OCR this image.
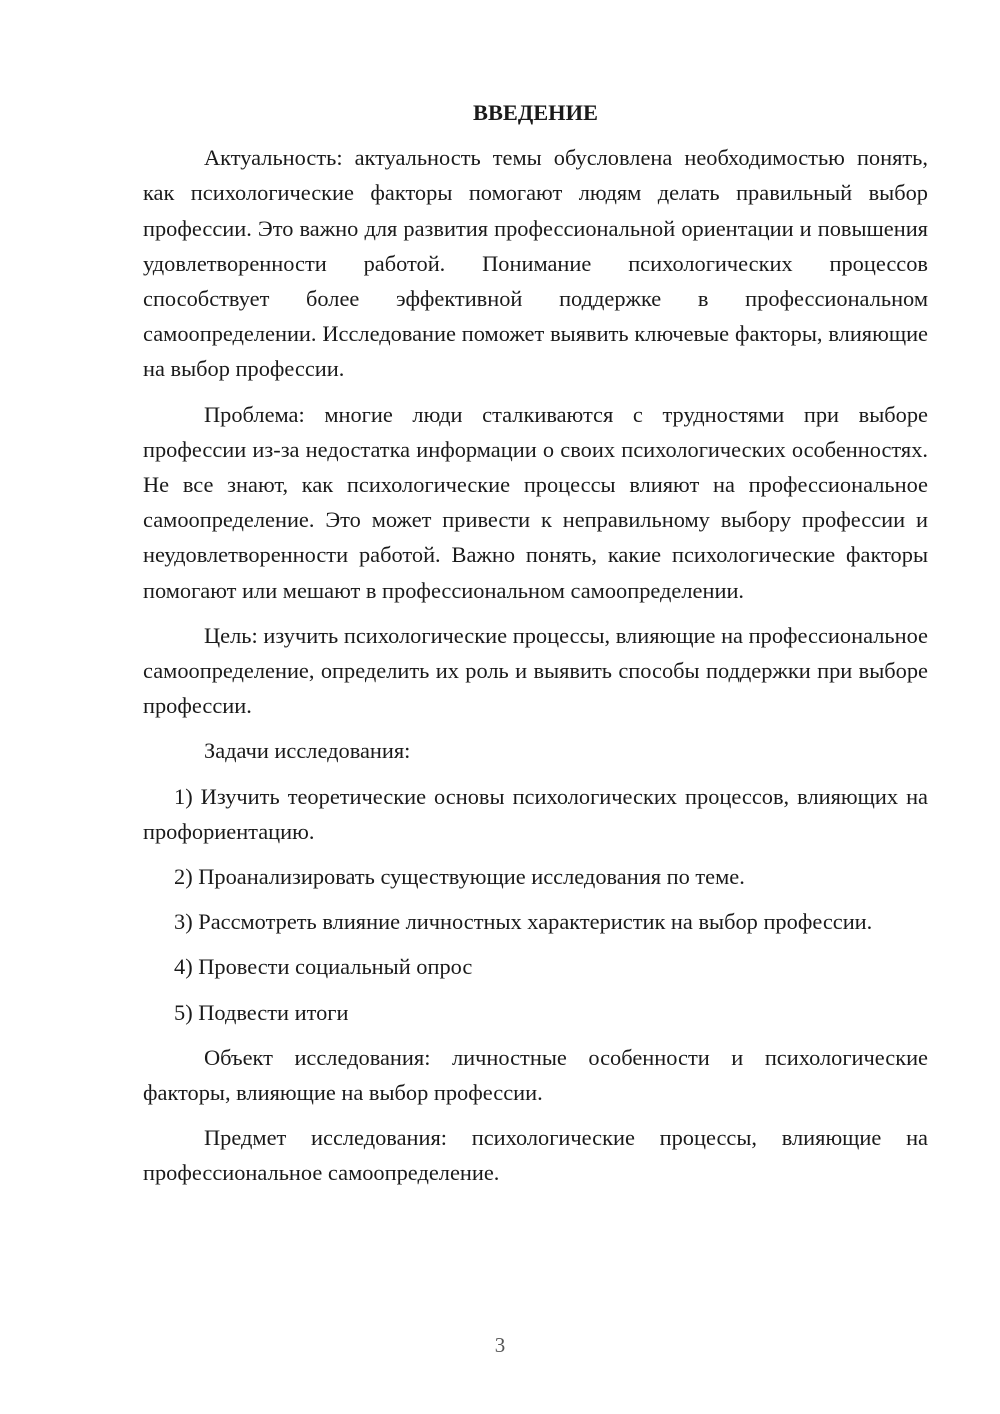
ВВЕДЕНИЕ

Актуальность: актуальность темы обусловлена необходимостью понять, как психологические факторы помогают людям делать правильный выбор профессии. Это важно для развития профессиональной ориентации и повышения удовлетворенности работой. Понимание психологических процессов способствует более эффективной поддержке в профессиональном самоопределении. Исследование поможет выявить ключевые факторы, влияющие на выбор профессии.

Проблема: многие люди сталкиваются с трудностями при выборе профессии из-за недостатка информации о своих психологических особенностях. Не все знают, как психологические процессы влияют на профессиональное самоопределение. Это может привести к неправильному выбору профессии и неудовлетворенности работой. Важно понять, какие психологические факторы помогают или мешают в профессиональном самоопределении.

Цель: изучить психологические процессы, влияющие на профессиональное самоопределение, определить их роль и выявить способы поддержки при выборе профессии.

Задачи исследования:

1) Изучить теоретические основы психологических процессов, влияющих на профориентацию.

2) Проанализировать существующие исследования по теме.

3) Рассмотреть влияние личностных характеристик на выбор профессии.

4) Провести социальный опрос

5) Подвести итоги

Объект исследования: личностные особенности и психологические факторы, влияющие на выбор профессии.

Предмет исследования: психологические процессы, влияющие на профессиональное самоопределение.

3
